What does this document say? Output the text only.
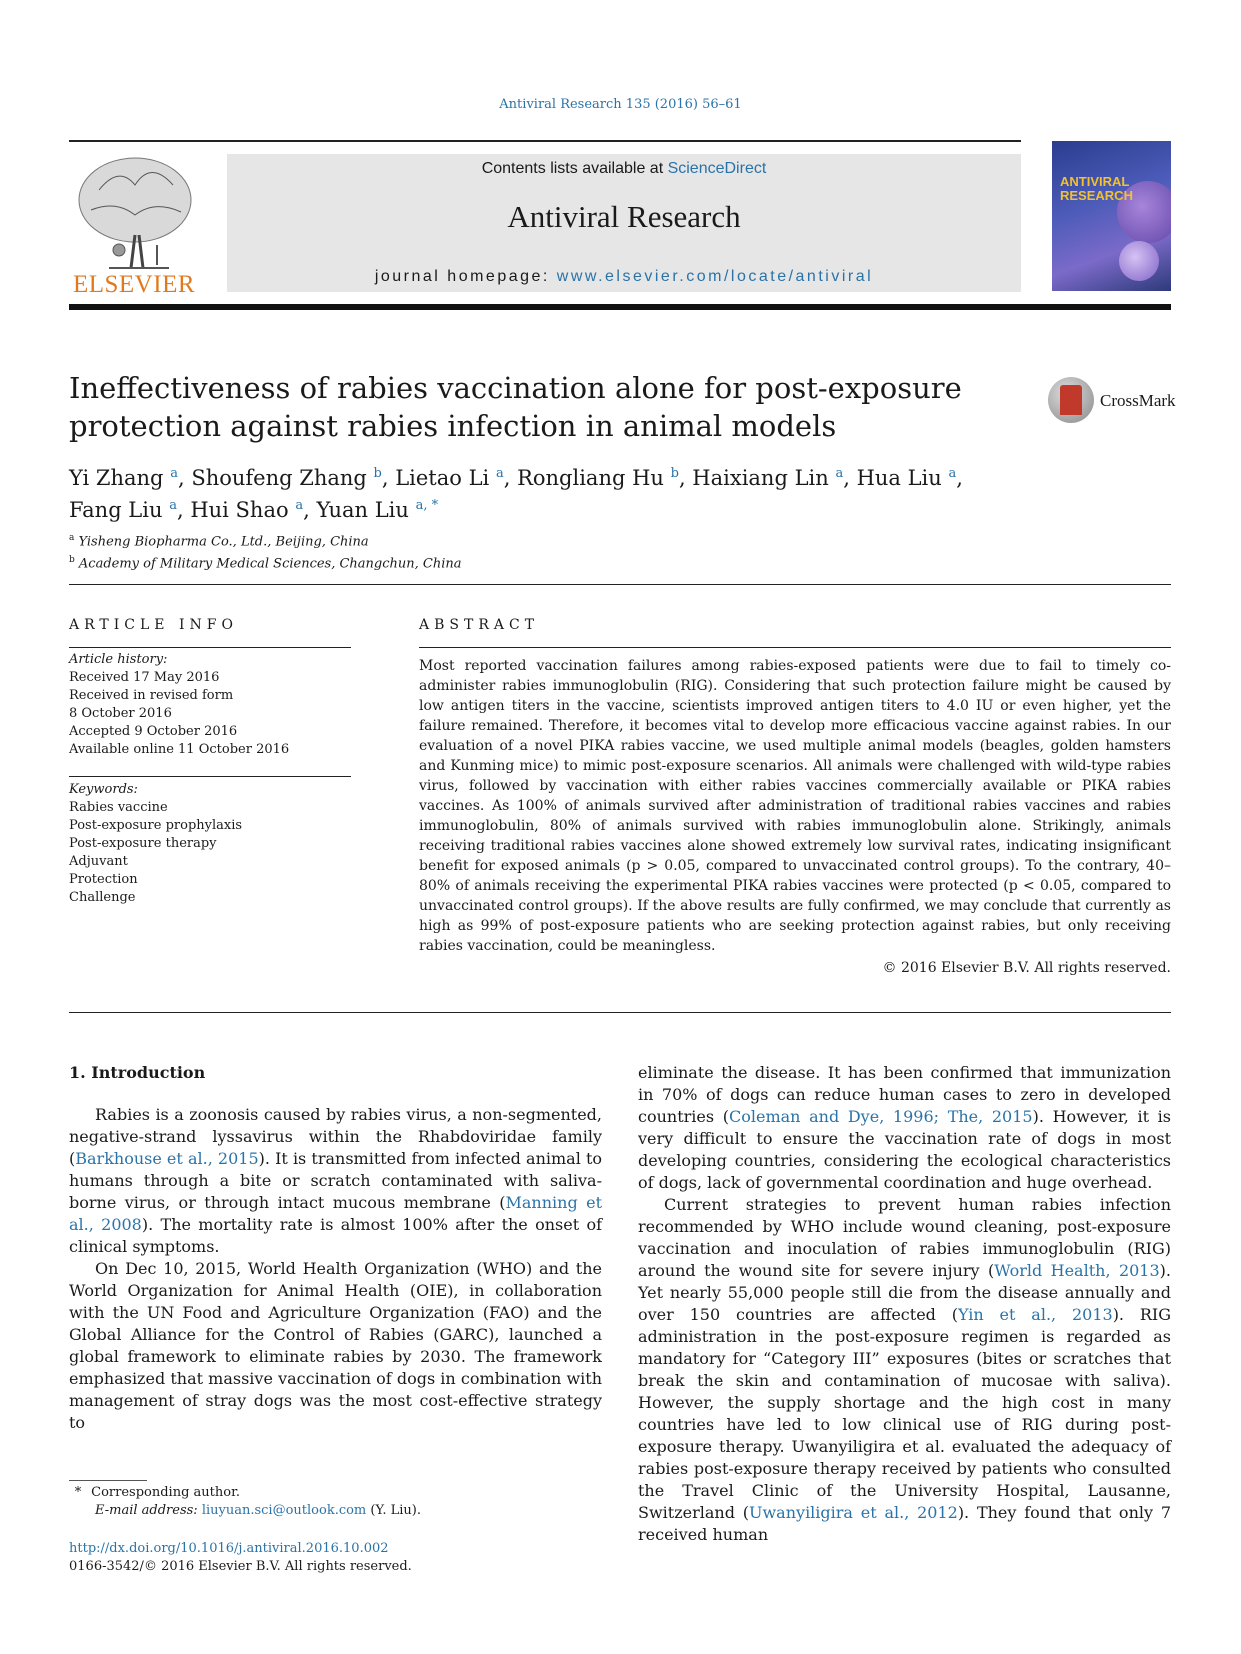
Antiviral Research 135 (2016) 56–61
ELSEVIER
Contents lists available at ScienceDirect
Antiviral Research
journal homepage: www.elsevier.com/locate/antiviral
ANTIVIRAL
RESEARCH
Ineffectiveness of rabies vaccination alone for post-exposure protection against rabies infection in animal models
CrossMark
Yi Zhang $^a$, Shoufeng Zhang $^b$, Lietao Li $^a$, Rongliang Hu $^b$, Haixiang Lin $^a$, Hua Liu $^a$,
Fang Liu $^a$, Hui Shao $^a$, Yuan Liu $^{a, *}$
$^a$ Yisheng Biopharma Co., Ltd., Beijing, China
$^b$ Academy of Military Medical Sciences, Changchun, China
ARTICLE INFO
Article history:
Received 17 May 2016
Received in revised form
8 October 2016
Accepted 9 October 2016
Available online 11 October 2016
Keywords:
Rabies vaccine
Post-exposure prophylaxis
Post-exposure therapy
Adjuvant
Protection
Challenge
ABSTRACT
Most reported vaccination failures among rabies-exposed patients were due to fail to timely co-administer rabies immunoglobulin (RIG). Considering that such protection failure might be caused by low antigen titers in the vaccine, scientists improved antigen titers to 4.0 IU or even higher, yet the failure remained. Therefore, it becomes vital to develop more efficacious vaccine against rabies. In our evaluation of a novel PIKA rabies vaccine, we used multiple animal models (beagles, golden hamsters and Kunming mice) to mimic post-exposure scenarios. All animals were challenged with wild-type rabies virus, followed by vaccination with either rabies vaccines commercially available or PIKA rabies vaccines. As 100% of animals survived after administration of traditional rabies vaccines and rabies immunoglobulin, 80% of animals survived with rabies immunoglobulin alone. Strikingly, animals receiving traditional rabies vaccines alone showed extremely low survival rates, indicating insignificant benefit for exposed animals (p > 0.05, compared to unvaccinated control groups). To the contrary, 40–80% of animals receiving the experimental PIKA rabies vaccines were protected (p < 0.05, compared to unvaccinated control groups). If the above results are fully confirmed, we may conclude that currently as high as 99% of post-exposure patients who are seeking protection against rabies, but only receiving rabies vaccination, could be meaningless.
© 2016 Elsevier B.V. All rights reserved.
1. Introduction

Rabies is a zoonosis caused by rabies virus, a non-segmented, negative-strand lyssavirus within the Rhabdoviridae family (Barkhouse et al., 2015). It is transmitted from infected animal to humans through a bite or scratch contaminated with saliva-borne virus, or through intact mucous membrane (Manning et al., 2008). The mortality rate is almost 100% after the onset of clinical symptoms.

On Dec 10, 2015, World Health Organization (WHO) and the World Organization for Animal Health (OIE), in collaboration with the UN Food and Agriculture Organization (FAO) and the Global Alliance for the Control of Rabies (GARC), launched a global framework to eliminate rabies by 2030. The framework emphasized that massive vaccination of dogs in combination with management of stray dogs was the most cost-effective strategy to

eliminate the disease. It has been confirmed that immunization in 70% of dogs can reduce human cases to zero in developed countries (Coleman and Dye, 1996; The, 2015). However, it is very difficult to ensure the vaccination rate of dogs in most developing countries, considering the ecological characteristics of dogs, lack of governmental coordination and huge overhead.

Current strategies to prevent human rabies infection recommended by WHO include wound cleaning, post-exposure vaccination and inoculation of rabies immunoglobulin (RIG) around the wound site for severe injury (World Health, 2013). Yet nearly 55,000 people still die from the disease annually and over 150 countries are affected (Yin et al., 2013). RIG administration in the post-exposure regimen is regarded as mandatory for “Category III” exposures (bites or scratches that break the skin and contamination of mucosae with saliva). However, the supply shortage and the high cost in many countries have led to low clinical use of RIG during post-exposure therapy. Uwanyiligira et al. evaluated the adequacy of rabies post-exposure therapy received by patients who consulted the Travel Clinic of the University Hospital, Lausanne, Switzerland (Uwanyiligira et al., 2012). They found that only 7 received human

* Corresponding author.
E-mail address: liuyuan.sci@outlook.com (Y. Liu).
http://dx.doi.org/10.1016/j.antiviral.2016.10.002
0166-3542/© 2016 Elsevier B.V. All rights reserved.
